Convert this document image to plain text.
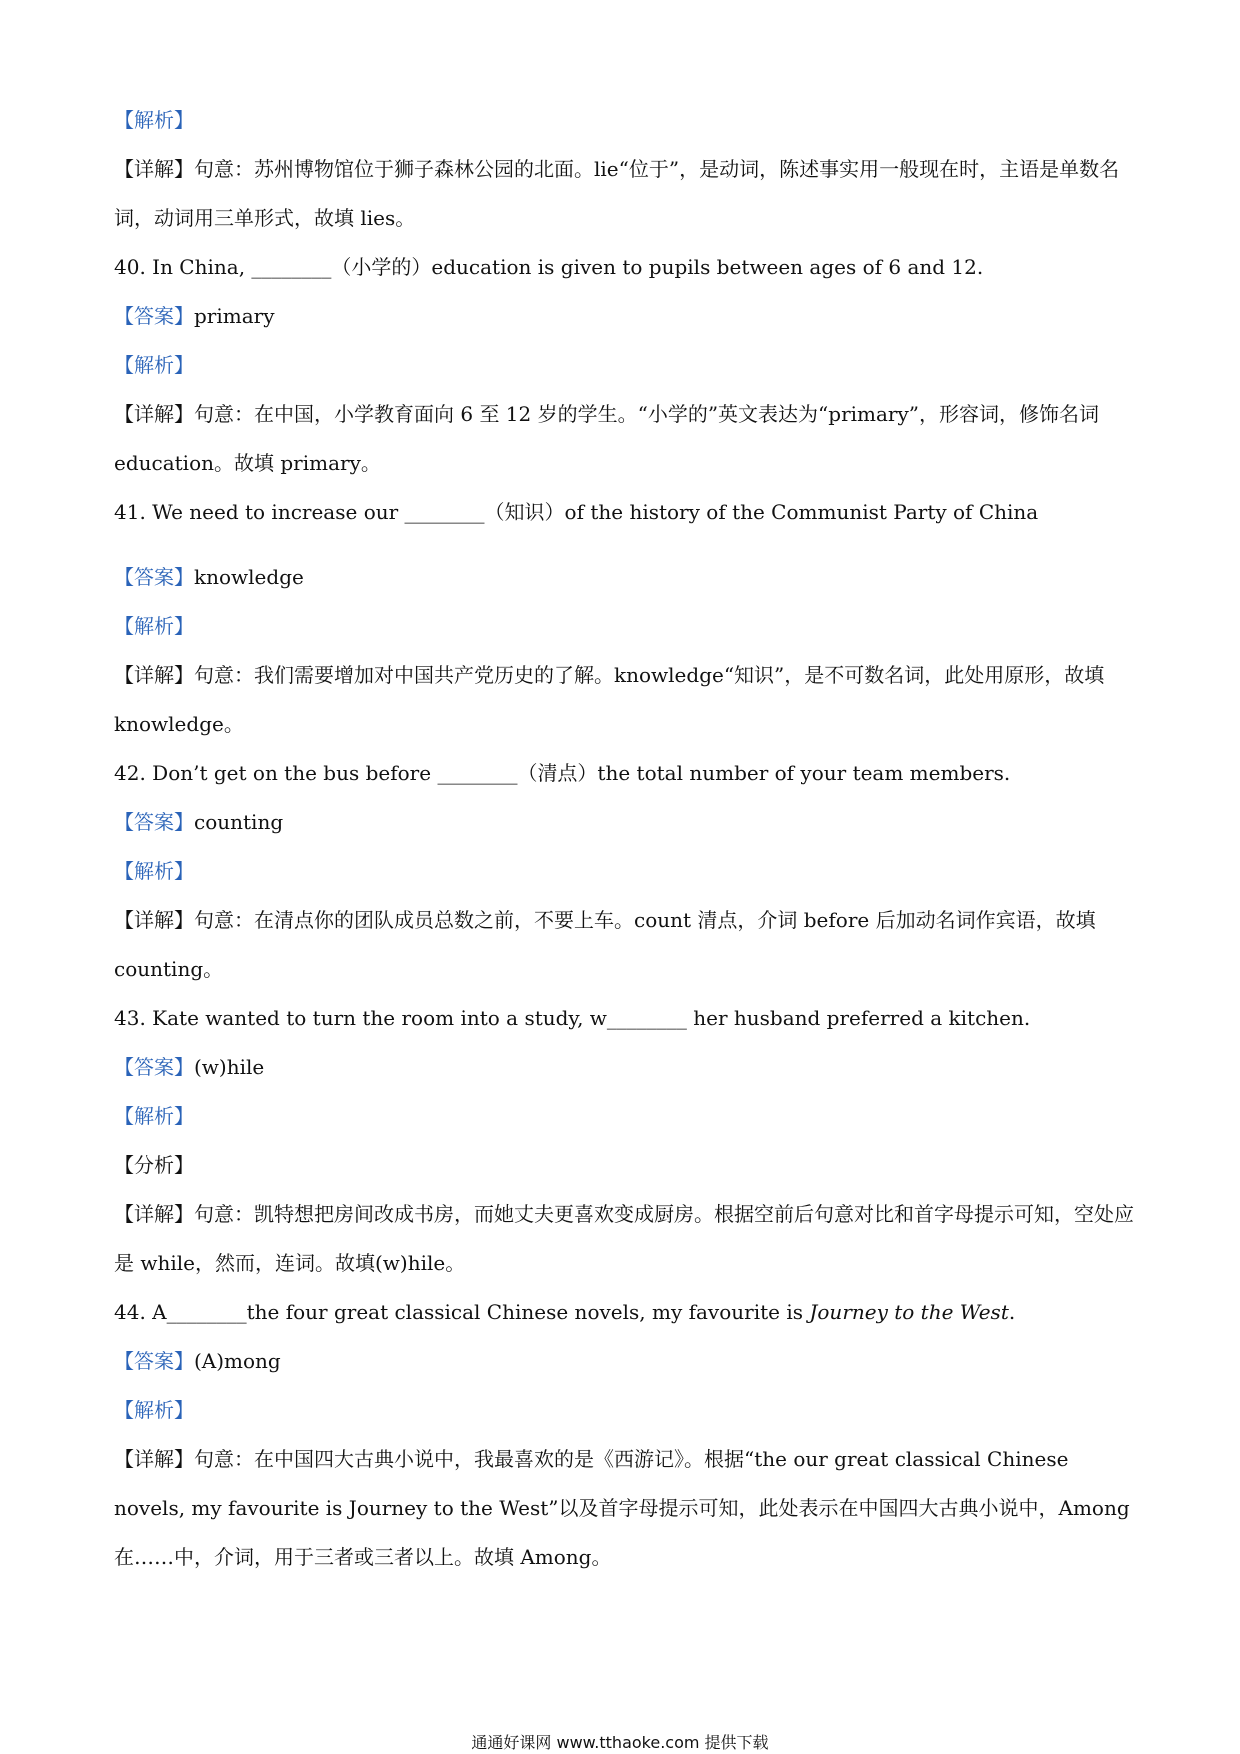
【解析】
【详解】句意：苏州博物馆位于狮子森林公园的北面。lie“位于”，是动词，陈述事实用一般现在时，主语是单数名词，动词用三单形式，故填 lies。
40. In China, ________（小学的）education is given to pupils between ages of 6 and 12.
【答案】primary
【解析】
【详解】句意：在中国，小学教育面向 6 至 12 岁的学生。“小学的”英文表达为“primary”，形容词，修饰名词 education。故填 primary。
41. We need to increase our ________（知识）of the history of the Communist Party of China
【答案】knowledge
【解析】
【详解】句意：我们需要增加对中国共产党历史的了解。knowledge“知识”，是不可数名词，此处用原形，故填 knowledge。
42. Don’t get on the bus before ________（清点）the total number of your team members.
【答案】counting
【解析】
【详解】句意：在清点你的团队成员总数之前，不要上车。count 清点，介词 before 后加动名词作宾语，故填 counting。
43. Kate wanted to turn the room into a study, w________ her husband preferred a kitchen.
【答案】(w)hile
【解析】
【分析】
【详解】句意：凯特想把房间改成书房，而她丈夫更喜欢变成厨房。根据空前后句意对比和首字母提示可知，空处应是 while，然而，连词。故填(w)hile。
44. A________the four great classical Chinese novels, my favourite is Journey to the West.
【答案】(A)mong
【解析】
【详解】句意：在中国四大古典小说中，我最喜欢的是《西游记》。根据“the our great classical Chinese novels, my favourite is Journey to the West”以及首字母提示可知，此处表示在中国四大古典小说中，Among 在……中，介词，用于三者或三者以上。故填 Among。
通通好课网 www.tthaoke.com 提供下载
